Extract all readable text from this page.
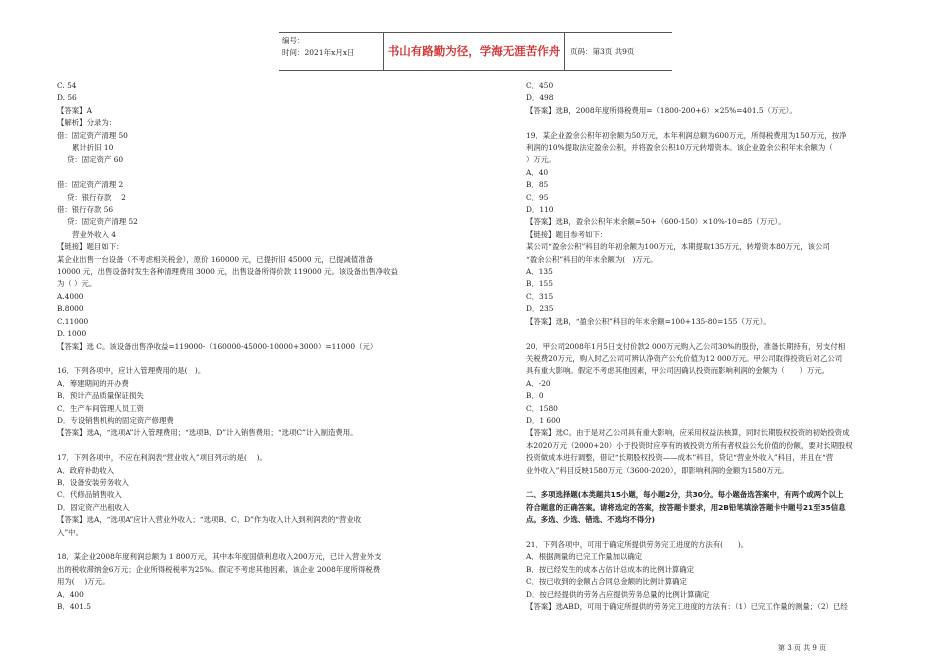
编号：
时间：2021年x月x日	书山有路勤为径，学海无涯苦作舟	页码：第3页 共9页
C. 54
D. 56
【答案】A
【解析】分录为：
借：固定资产清理 50
累计折旧 10
贷：固定资产 60
借：固定资产清理 2
贷：银行存款　 2
借：银行存款 56
贷：固定资产清理 52
营业外收入 4
【链接】题目如下：
某企业出售一台设备（不考虑相关税金），原价 160000 元，已提折旧 45000 元，已提减值准备
10000 元，出售设备时发生各种清理费用 3000 元，出售设备所得价款 119000 元。该设备出售净收益
为（ ）元。
A.4000
B.8000
C.11000
D. 1000
【答案】选 C。该设备出售净收益=119000-（160000-45000-10000+3000）=11000（元）
16．下列各项中，应计入管理费用的是(　)。
A．筹建期间的开办费
B．预计产品质量保证损失
C．生产车间管理人员工资
D．专设销售机构的固定资产修理费
【答案】选A，“选项A”计入管理费用；“选项B、D”计入销售费用；“选项C”计入制造费用。
17．下列各项中，不应在利润表“营业收入”项目列示的是(　 )。
A．政府补助收入
B．设备安装劳务收入
C．代修品销售收入
D．固定资产出租收入
【答案】选A，“选项A”应计入营业外收入；“选项B、C、D”作为收入计入到利润表的“营业收
入”中。
18．某企业2008年度利润总额为 1 800万元，其中本年度国债利息收入200万元，已计入营业外支
出的税收滞纳金6万元；企业所得税税率为25%。假定不考虑其他因素，该企业 2008年度所得税费
用为(　 )万元。
A．400
B．401.5
C．450
D．498
【答案】选B，2008年度所得税费用=（1800-200+6）×25%=401.5（万元）。
19．某企业盈余公积年初余额为50万元，本年利润总额为600万元，所得税费用为150万元，按净
利润的10%提取法定盈余公积，并将盈余公积10万元转增资本。该企业盈余公积年末余额为（
）万元。
A．40
B．85
C．95
D．110
【答案】选B，盈余公积年末余额=50+（600-150）×10%-10=85（万元）。
【链接】题目参考如下：
某公司“盈余公积”科目的年初余额为100万元，本期提取135万元，转增资本80万元，该公司
“盈余公积”科目的年末余额为(　)万元。
A．135
B．155
C．315
D．235
【答案】选B，“盈余公积”科目的年末余额=100+135-80=155（万元）。
20．甲公司2008年1月5日支付价款2 000万元购入乙公司30%的股份，准备长期持有，另支付相
关税费20万元，购入时乙公司可辨认净资产公允价值为12 000万元。甲公司取得投资后对乙公司
具有重大影响。假定不考虑其他因素，甲公司因确认投资而影响利润的金额为（　　）万元。
A．-20
B．0
C．1580
D．1 600
【答案】选C。由于是对乙公司具有重大影响，应采用权益法核算，同时长期股权投资的初始投资成
本2020万元（2000+20）小于投资时应享有的被投资方所有者权益公允价值的份额，要对长期股权
投资做成本进行调整，借记“长期股权投资——成本”科目，贷记“营业外收入”科目，并且在“营
业外收入”科目反映1580万元（3600-2020），即影响利润的金额为1580万元。
二、多项选择题(本类题共15小题，每小题2分，共30分。每小题备选答案中，有两个或两个以上
符合题意的正确答案。请将选定的答案，按答题卡要求，用2B铅笔填涂答题卡中题号21至35信息
点。多选、少选、错选、不选均不得分)
21．下列各项中，可用于确定所提供劳务完工进度的方法有(　　)。
A．根据测量的已完工作量加以确定
B．按已经发生的成本占估计总成本的比例计算确定
C．按已收到的金额占合同总金额的比例计算确定
D．按已经提供的劳务占应提供劳务总量的比例计算确定
【答案】选ABD，可用于确定所提供的劳务完工进度的方法有：（1）已完工作量的测量；（2）已经
第 3 页 共 9 页
